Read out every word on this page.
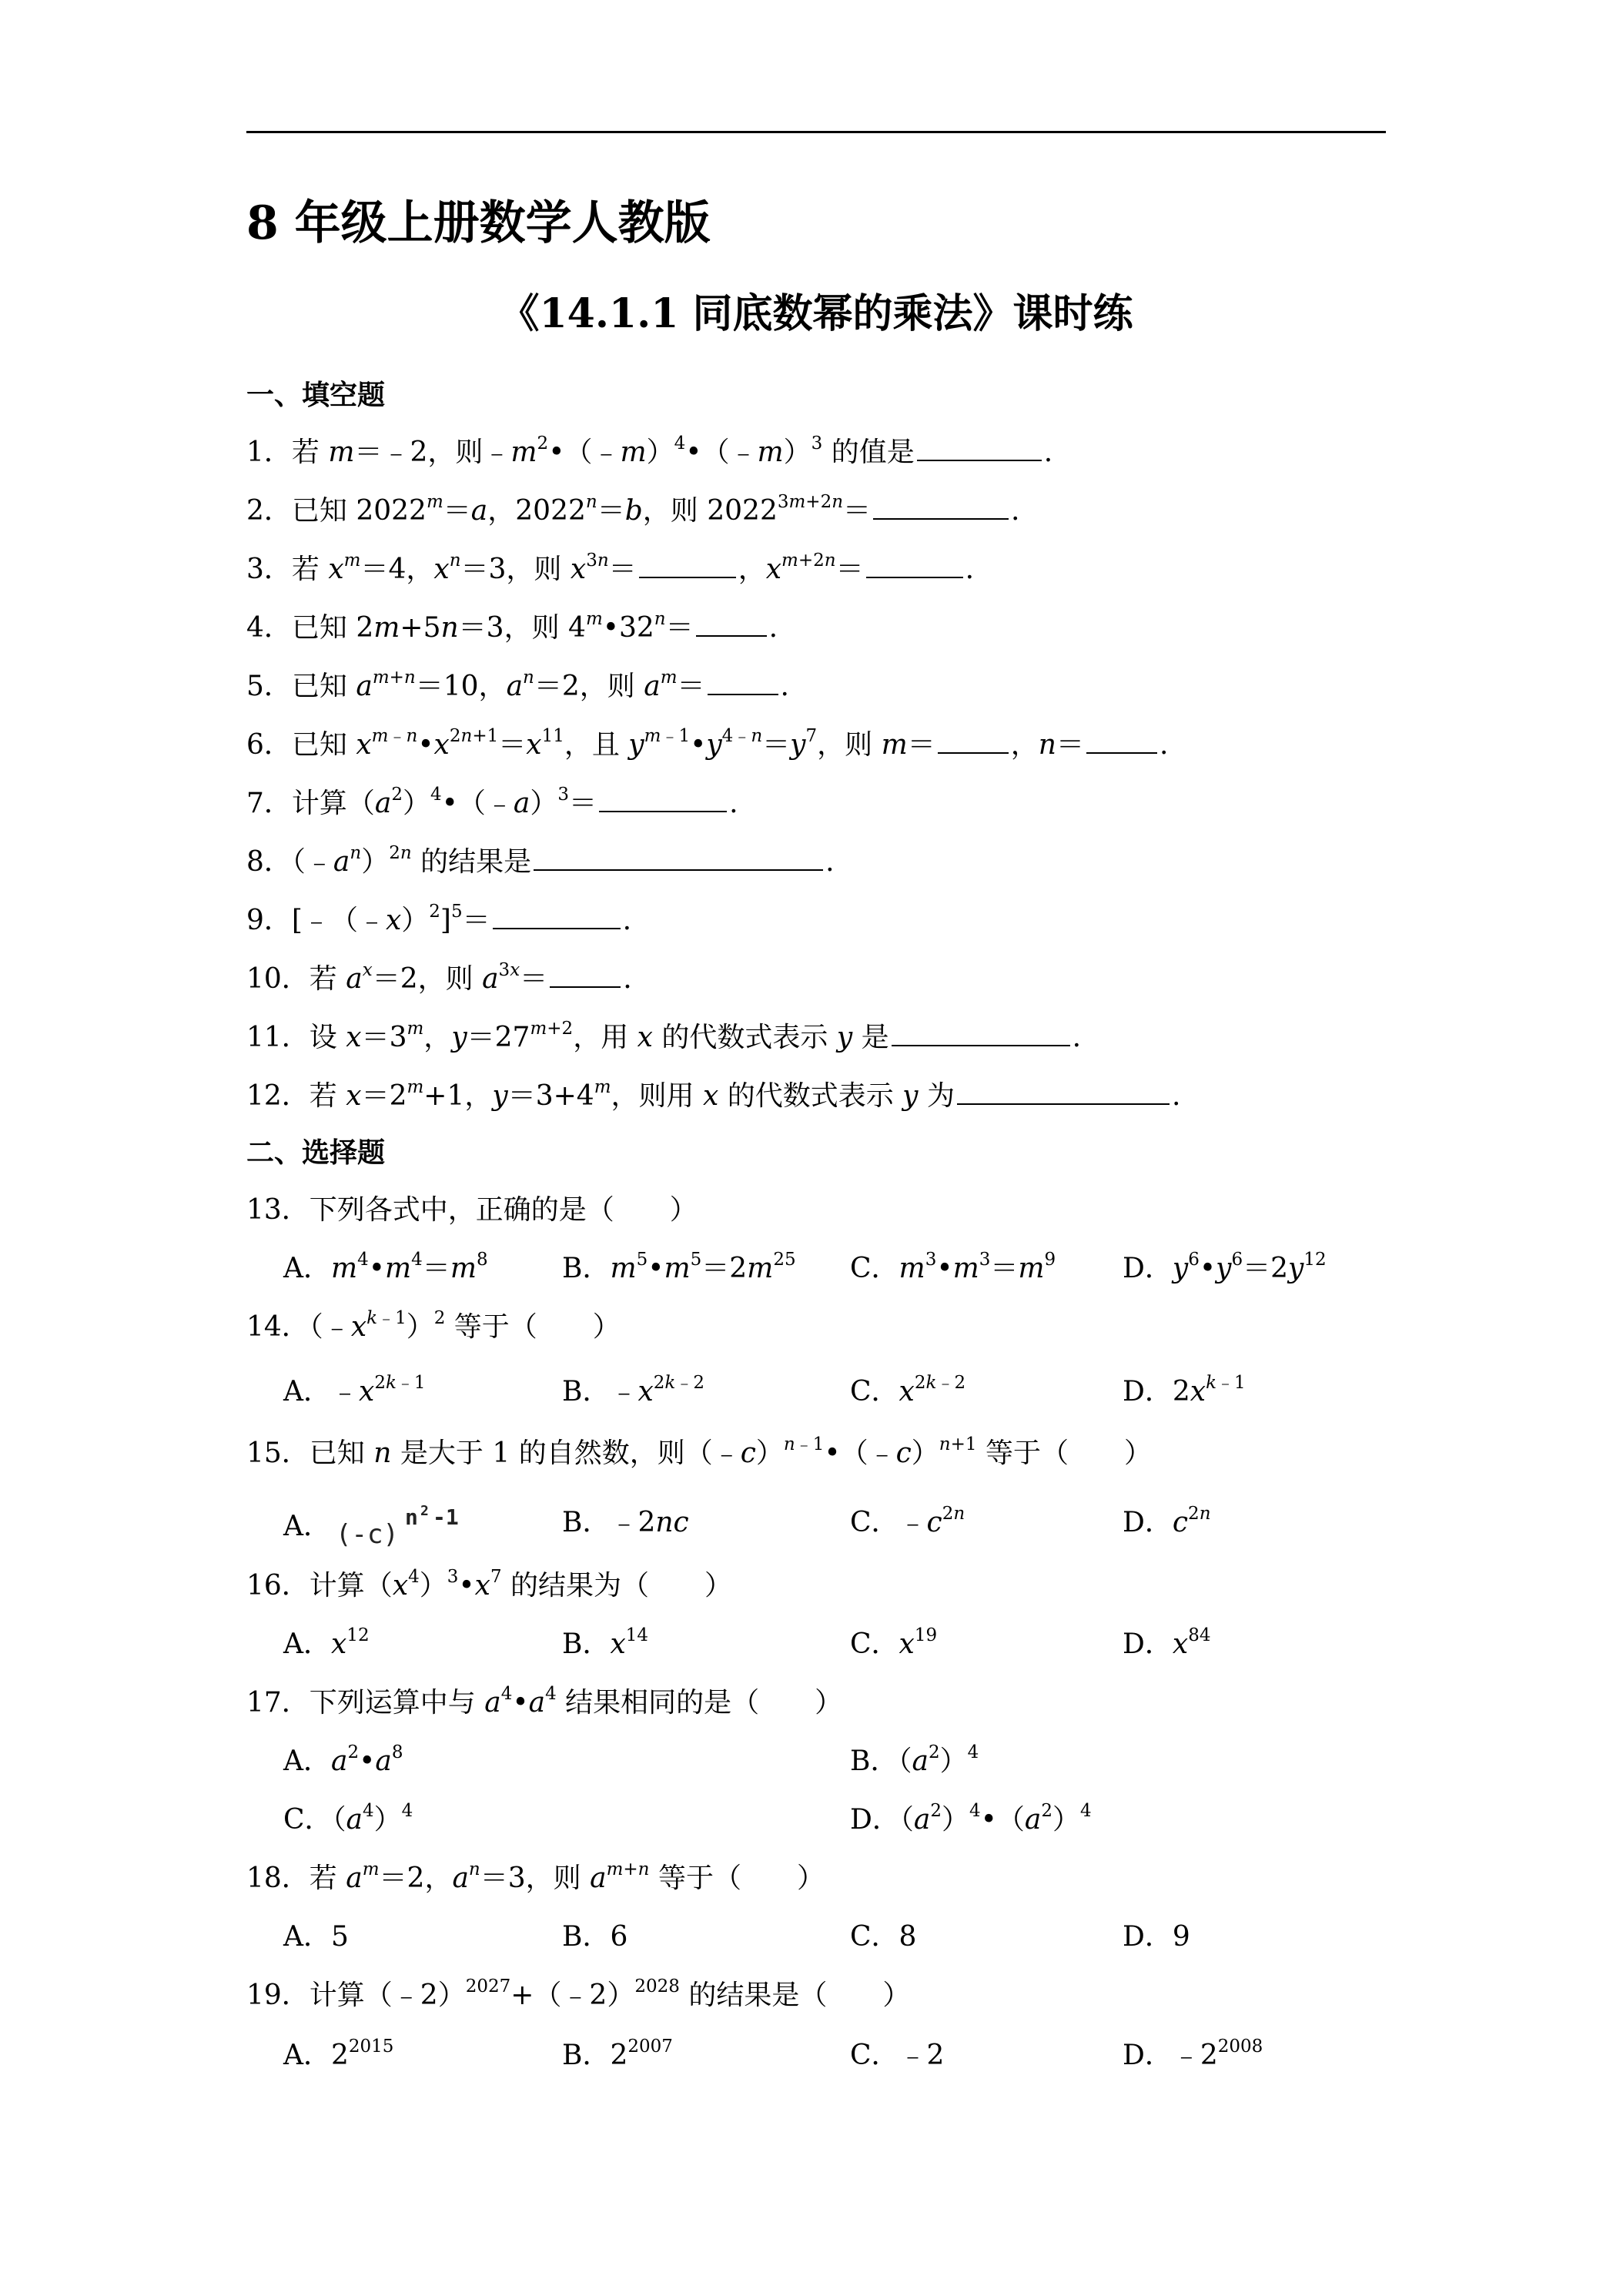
8 年级上册数学人教版
《14.1.1 同底数幂的乘法》课时练
一、填空题
1．若 m＝﹣2，则$﹣m^2•(﹣m)^4•(﹣m)^3$ 的值是	.
2．已知 $2022^m=a$，$2022^n=b$，则 $2022^{3m+2n}=$	.
3．若 $x^m=4$，$x^n=3$，则 $x^{3n}=$	，$x^{m+2n}=$	.
4．已知 2m+5n＝3，则 $4^m•32^n=$	.
5．已知 $a^{m+n}=10$，$a^n=2$，则 $a^m=$	.
6．已知 $x^{m﹣n}•x^{2n+1}=x^{11}$，且 $y^{m﹣1}•y^{4﹣n}=y^7$，则 m＝	，n＝	.
7．计算$(a^2)^4•(﹣a)^3=$	.
8．$(﹣a^n)^{2n}$ 的结果是	.
9．[﹣（﹣x）$^2$]$^5$＝	.
10．若 $a^x=2$，则 $a^{3x}=$	.
11．设 $x=3^m$，$y=27^{m+2}$，用 x 的代数式表示 y 是	.
12．若 $x=2^m+1$，$y=3+4^m$，则用 x 的代数式表示 y 为	.
二、选择题
13．下列各式中，正确的是（　　）
A．$m^4•m^4=m^8$	B．$m^5•m^5=2m^{25}$ C．$m^3•m^3=m^9$ D．$y^6•y^6=2y^{12}$
14．$(﹣x^{k﹣1})^2$ 等于（　　）
A．$﹣x^{2k﹣1}$	B．$﹣x^{2k﹣2}$	C．$x^{2k﹣2}$	D．$2x^{k﹣1}$
15．已知 n 是大于 1 的自然数，则（﹣c）$^{n﹣1}$•（﹣c）$^{n+1}$ 等于（　　）
A． (-c)
n 2 -1	B．﹣2nc	C．$﹣c^{2n}$	D．$c^{2n}$
16．计算$(x^4)^3•x^7$ 的结果为（　　）
A．$x^{12}$	B．$x^{14}$	C．$x^{19}$	D．$x^{84}$
17．下列运算中与 $a^4•a^4$ 结果相同的是（　　）
A．$a^2•a^8$	B．$(a^2)^4$
C．$(a^4)^4$	D．$(a^2)^4•(a^2)^4$
18．若 $a^m=2$，$a^n=3$，则 $a^{m+n}$ 等于（　　）
A．5	B．6	C．8	D．9
19．计算（﹣2）$^{2027}$+（﹣2）$^{2028}$ 的结果是（　　）
A．$2^{2015}$	B．$2^{2007}$	C．﹣2	D．$﹣2^{2008}$
